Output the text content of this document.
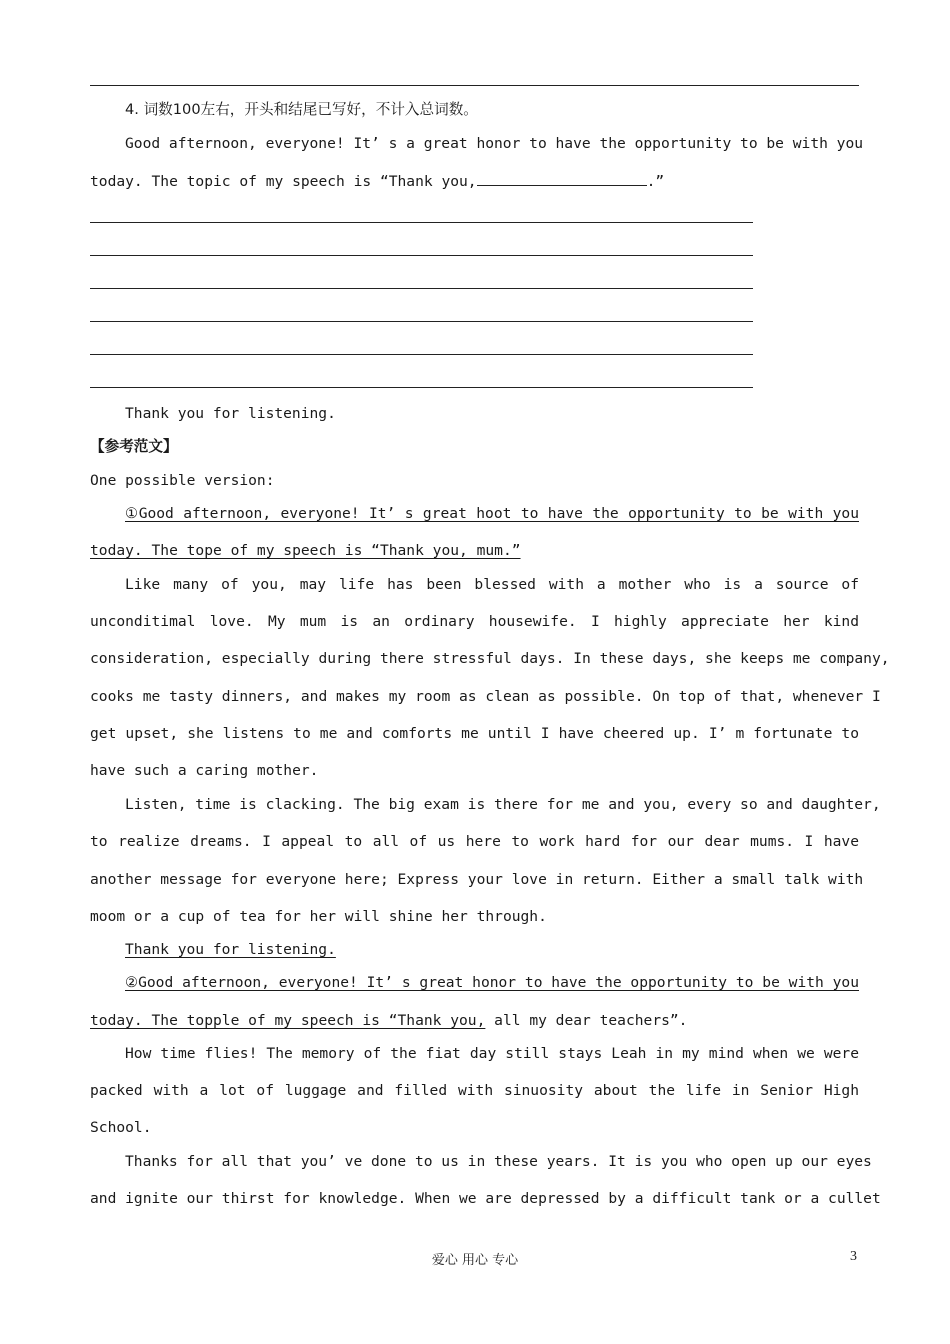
4. 词数100左右，开头和结尾已写好，不计入总词数。
Good afternoon, everyone! It’ s a great honor to have the opportunity to be with you
today. The topic of my speech is “Thank you,	.”
Thank you for listening.
【参考范文】
One possible version:
①Good afternoon, everyone! It’ s great hoot to have the opportunity to be with you
today. The tope of my speech is “Thank you, mum.”
Like many of you, may life has been blessed with a mother who is a source of
unconditimal love. My mum is an ordinary housewife. I highly appreciate her kind
consideration, especially during there stressful days. In these days, she keeps me company,
cooks me tasty dinners, and makes my room as clean as possible. On top of that, whenever I
get upset, she listens to me and comforts me until I have cheered up. I’ m fortunate to
have such a caring mother.
Listen, time is clacking. The big exam is there for me and you, every so and daughter,
to realize dreams. I appeal to all of us here to work hard for our dear mums. I have
another message for everyone here; Express your love in return. Either a small talk with
moom or a cup of tea for her will shine her through.
Thank you for listening.
②Good afternoon, everyone! It’ s great honor to have the opportunity to be with you
today. The topple of my speech is “Thank you, all my dear teachers”.
How time flies! The memory of the fiat day still stays Leah in my mind when we were
packed with a lot of luggage and filled with sinuosity about the life in Senior High
School.
Thanks for all that you’ ve done to us in these years. It is you who open up our eyes
and ignite our thirst for knowledge. When we are depressed by a difficult tank or a cullet
爱心 用心 专心	3
